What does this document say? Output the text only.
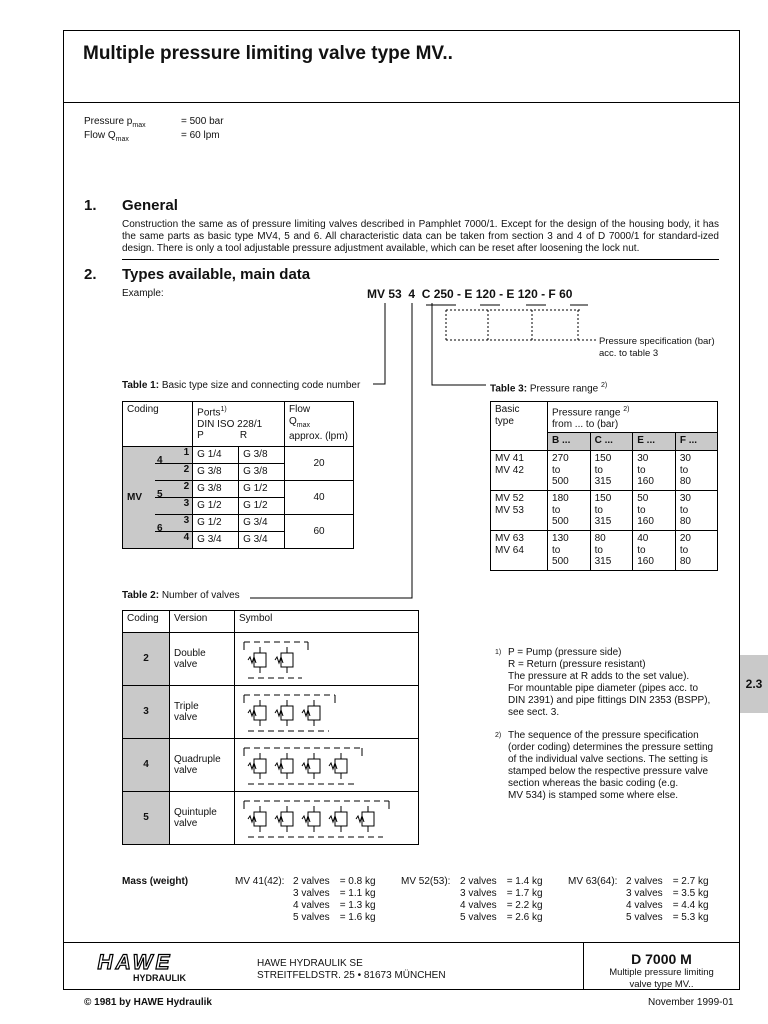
Multiple pressure limiting valve type MV..
Pressure $p_{max}$	= 500 bar
Flow $Q_{max}$	= 60 lpm
1. General
Construction the same as of pressure limiting valves described in Pamphlet 7000/1. Except for the design of the housing body, it has the same parts as basic type MV4, 5 and 6. All characteristic data can be taken from section 3 and 4 of D 7000/1 for standard-ized design. There is only a tool adjustable pressure adjustment available, which can be reset after loosening the lock nut.
2. Types available, main data
Example:	MV 53  4  C 250 - E 120 - E 120 - F 60
Pressure specification (bar)
acc. to table 3
Table 1: Basic type size and connecting code number
Coding		Ports$^{1)}$
DIN ISO 228/1
P R		Flow
$Q_{max}$
approx. (lpm)

MV	4
1	G 1/4	G 3/8	20
	2	G 3/8	G 3/8	

	5
2	G 3/8	G 1/2	40
	3	G 1/2	G 1/2	

	6
3	G 1/2	G 3/4	60
	4	G 3/4	G 3/4	
Table 3: Pressure range $^{2)}$
Basic
type	Pressure range $^{2)}$
from ... to (bar)			
	B ...	C ...	E ...	F ...
MV 41
MV 42	270
to
500	150
to
315	30
to
160	30
to
80
MV 52
MV 53	180
to
500	150
to
315	50
to
160	30
to
80
MV 63
MV 64	130
to
500	80
to
315	40
to
160	20
to
80
Table 2: Number of valves
Coding	Version	Symbol
2	Double
valve	
3	Triple
valve	
4	Quadruple
valve	
5	Quintuple
valve	
$^{1)}$ P = Pump (pressure side)
R = Return (pressure resistant)
The pressure at R adds to the set value).
For mountable pipe diameter (pipes acc. to
DIN 2391) and pipe fittings DIN 2353 (BSPP),
see sect. 3.
$^{2)}$ The sequence of the pressure specification
(order coding) determines the pressure setting
of the individual valve sections. The setting is
stamped below the respective pressure valve
section whereas the basic coding (e.g.
MV 534) is stamped some where else.
2.3
Mass (weight)	MV 41(42): 2 valves = 0.8 kg
3 valves = 1.1 kg
4 valves = 1.3 kg
5 valves = 1.6 kg
MV 52(53): 2 valves = 1.4 kg
3 valves = 1.7 kg
4 valves = 2.2 kg
5 valves = 2.6 kg
MV 63(64): 2 valves = 2.7 kg
3 valves = 3.5 kg
4 valves = 4.4 kg
5 valves = 5.3 kg
HAWE
HYDRAULIK
HAWE HYDRAULIK SE
STREITFELDSTR. 25 • 81673 MÜNCHEN
D 7000 M
Multiple pressure limiting
valve type MV..
© 1981 by HAWE Hydraulik	November 1999-01
